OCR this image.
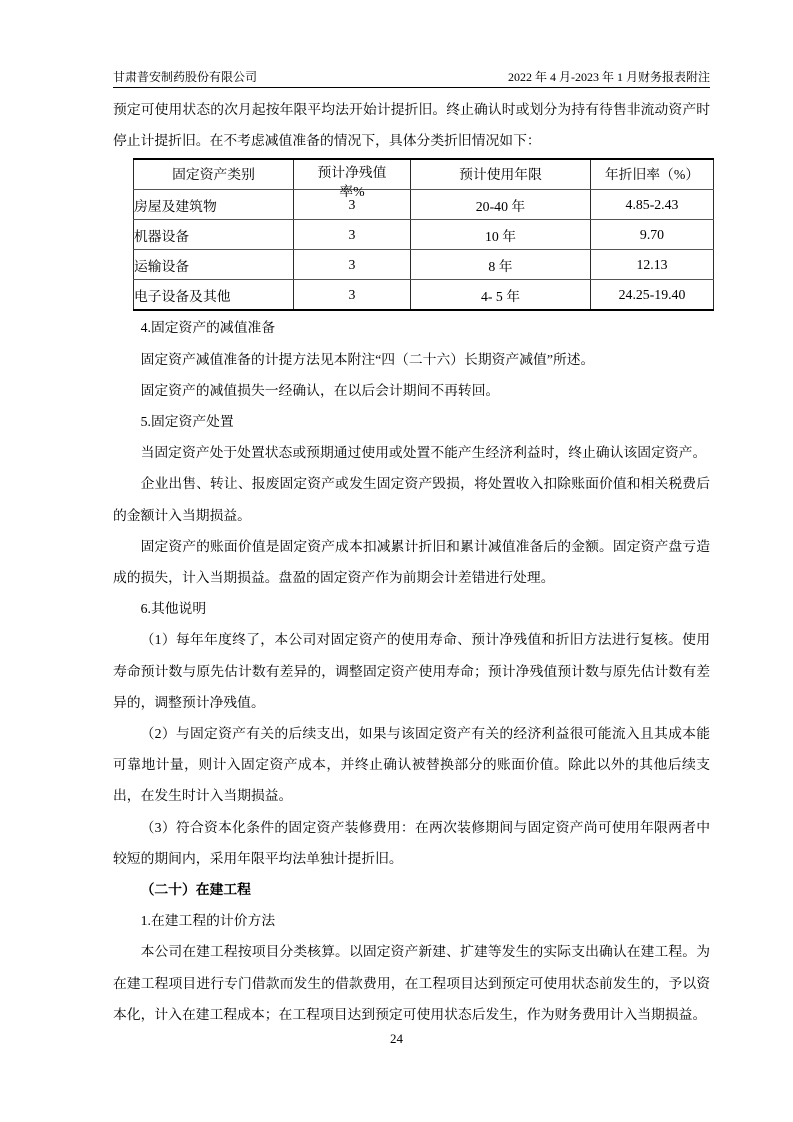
甘肃普安制药股份有限公司	2022 年 4 月-2023 年 1 月财务报表附注

预定可使用状态的次月起按年限平均法开始计提折旧。终止确认时或划分为持有待售非流动资产时停止计提折旧。在不考虑减值准备的情况下，具体分类折旧情况如下：

固定资产类别	预计净残值率%	预计使用年限	年折旧率（%）

房屋及建筑物	3	20-40 年	4.85-2.43
机器设备	3	10 年	9.70
运输设备	3	8 年	12.13
电子设备及其他	3	4- 5 年	24.25-19.40

4.固定资产的减值准备

固定资产减值准备的计提方法见本附注“四（二十六）长期资产减值”所述。

固定资产的减值损失一经确认，在以后会计期间不再转回。

5.固定资产处置

当固定资产处于处置状态或预期通过使用或处置不能产生经济利益时，终止确认该固定资产。

企业出售、转让、报废固定资产或发生固定资产毁损，将处置收入扣除账面价值和相关税费后的金额计入当期损益。

固定资产的账面价值是固定资产成本扣减累计折旧和累计减值准备后的金额。固定资产盘亏造成的损失，计入当期损益。盘盈的固定资产作为前期会计差错进行处理。

6.其他说明

（1）每年年度终了，本公司对固定资产的使用寿命、预计净残值和折旧方法进行复核。使用寿命预计数与原先估计数有差异的，调整固定资产使用寿命；预计净残值预计数与原先估计数有差异的，调整预计净残值。

（2）与固定资产有关的后续支出，如果与该固定资产有关的经济利益很可能流入且其成本能可靠地计量，则计入固定资产成本，并终止确认被替换部分的账面价值。除此以外的其他后续支出，在发生时计入当期损益。

（3）符合资本化条件的固定资产装修费用：在两次装修期间与固定资产尚可使用年限两者中较短的期间内，采用年限平均法单独计提折旧。

（二十）在建工程

1.在建工程的计价方法

本公司在建工程按项目分类核算。以固定资产新建、扩建等发生的实际支出确认在建工程。为在建工程项目进行专门借款而发生的借款费用，在工程项目达到预定可使用状态前发生的，予以资本化，计入在建工程成本；在工程项目达到预定可使用状态后发生，作为财务费用计入当期损益。

24
